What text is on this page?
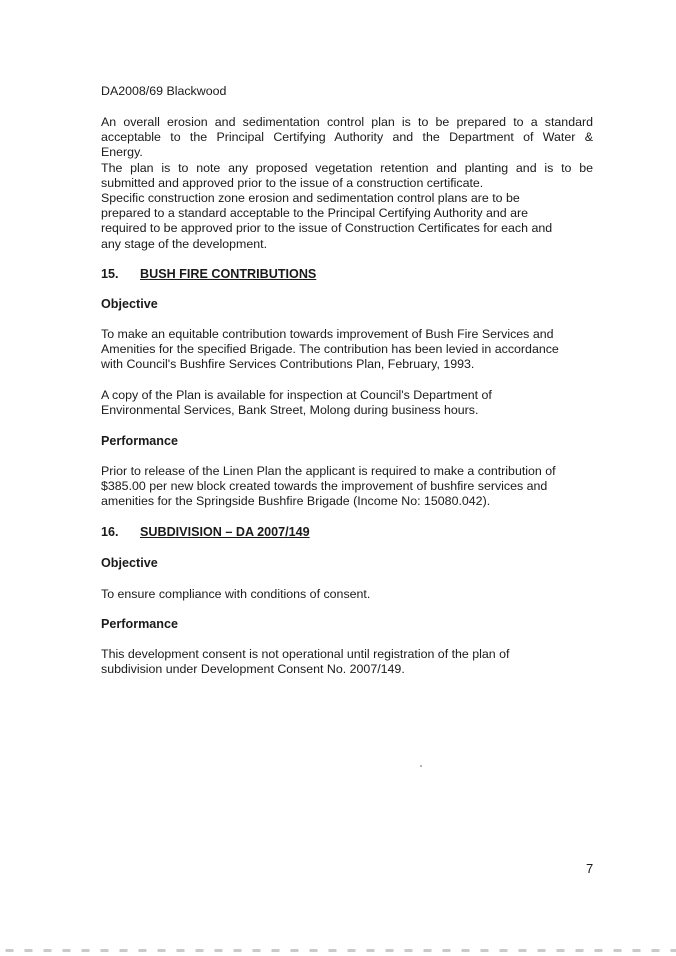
DA2008/69 Blackwood
An overall erosion and sedimentation control plan is to be prepared to a standard
acceptable to the Principal Certifying Authority and the Department of Water &
Energy.
The plan is to note any proposed vegetation retention and planting and is to be
submitted and approved prior to the issue of a construction certificate.
Specific construction zone erosion and sedimentation control plans are to be
prepared to a standard acceptable to the Principal Certifying Authority and are
required to be approved prior to the issue of Construction Certificates for each and
any stage of the development.
15. BUSH FIRE CONTRIBUTIONS
Objective
To make an equitable contribution towards improvement of Bush Fire Services and
Amenities for the specified Brigade. The contribution has been levied in accordance
with Council's Bushfire Services Contributions Plan, February, 1993.
A copy of the Plan is available for inspection at Council's Department of
Environmental Services, Bank Street, Molong during business hours.
Performance
Prior to release of the Linen Plan the applicant is required to make a contribution of
$385.00 per new block created towards the improvement of bushfire services and
amenities for the Springside Bushfire Brigade (Income No: 15080.042).
16. SUBDIVISION – DA 2007/149
Objective
To ensure compliance with conditions of consent.
Performance
This development consent is not operational until registration of the plan of
subdivision under Development Consent No. 2007/149.
7
